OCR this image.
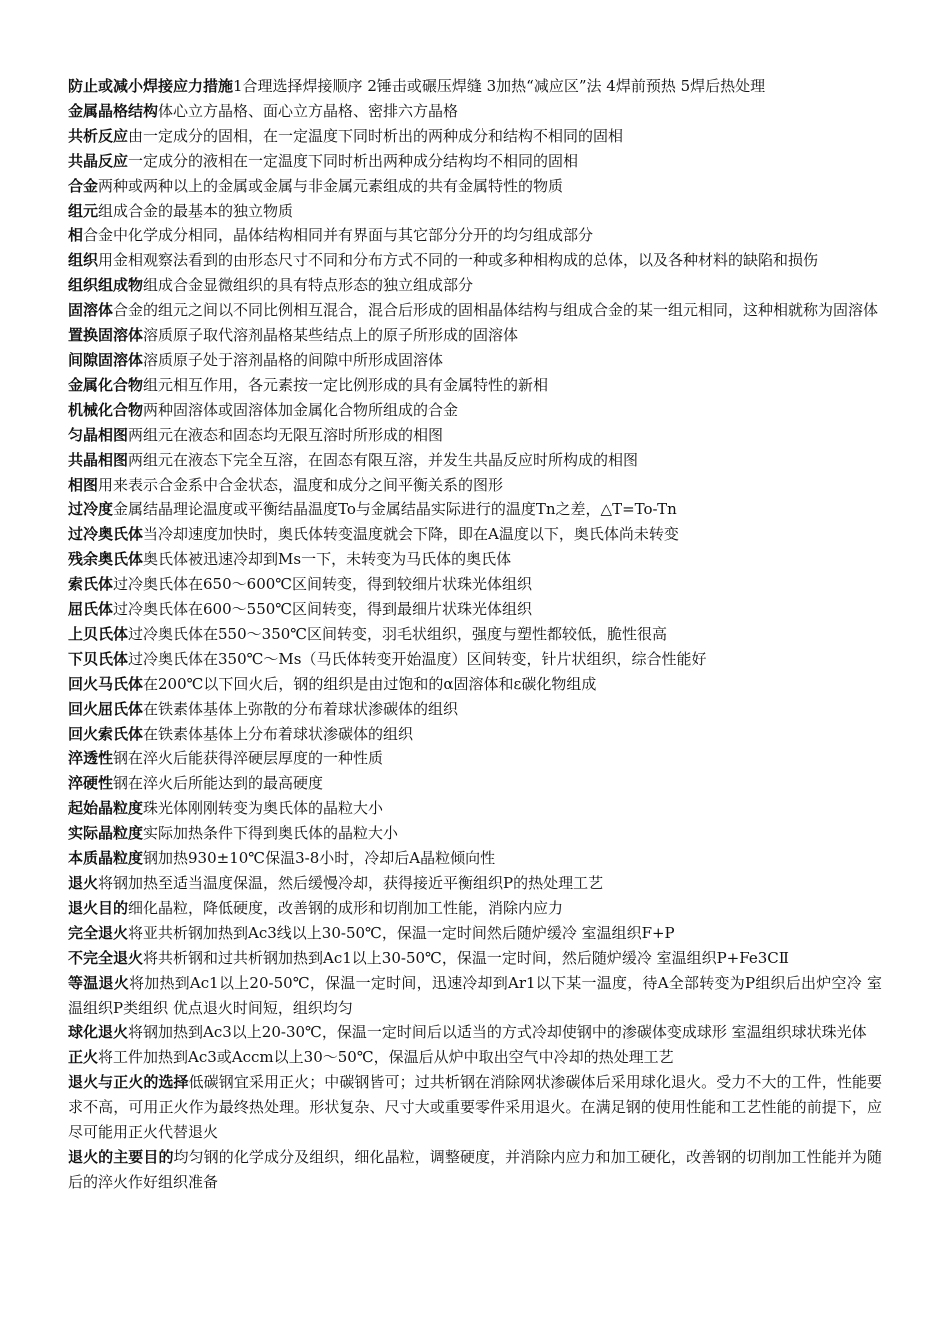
防止或减小焊接应力措施1合理选择焊接顺序 2锤击或碾压焊缝 3加热“减应区”法 4焊前预热 5焊后热处理

金属晶格结构体心立方晶格、面心立方晶格、密排六方晶格

共析反应由一定成分的固相，在一定温度下同时析出的两种成分和结构不相同的固相

共晶反应一定成分的液相在一定温度下同时析出两种成分结构均不相同的固相

合金两种或两种以上的金属或金属与非金属元素组成的共有金属特性的物质

组元组成合金的最基本的独立物质

相合金中化学成分相同，晶体结构相同并有界面与其它部分分开的均匀组成部分

组织用金相观察法看到的由形态尺寸不同和分布方式不同的一种或多种相构成的总体，以及各种材料的缺陷和损伤

组织组成物组成合金显微组织的具有特点形态的独立组成部分

固溶体合金的组元之间以不同比例相互混合，混合后形成的固相晶体结构与组成合金的某一组元相同，这种相就称为固溶体

置换固溶体溶质原子取代溶剂晶格某些结点上的原子所形成的固溶体

间隙固溶体溶质原子处于溶剂晶格的间隙中所形成固溶体

金属化合物组元相互作用，各元素按一定比例形成的具有金属特性的新相

机械化合物两种固溶体或固溶体加金属化合物所组成的合金

匀晶相图两组元在液态和固态均无限互溶时所形成的相图

共晶相图两组元在液态下完全互溶，在固态有限互溶，并发生共晶反应时所构成的相图

相图用来表示合金系中合金状态，温度和成分之间平衡关系的图形

过冷度金属结晶理论温度或平衡结晶温度To与金属结晶实际进行的温度Tn之差，△T=To-Tn

过冷奥氏体当冷却速度加快时，奥氏体转变温度就会下降，即在A温度以下，奥氏体尚未转变

残余奥氏体奥氏体被迅速冷却到Ms一下，未转变为马氏体的奥氏体

索氏体过冷奥氏体在650～600℃区间转变，得到较细片状珠光体组织

屈氏体过冷奥氏体在600～550℃区间转变，得到最细片状珠光体组织

上贝氏体过冷奥氏体在550～350℃区间转变，羽毛状组织，强度与塑性都较低，脆性很高

下贝氏体过冷奥氏体在350℃～Ms（马氏体转变开始温度）区间转变，针片状组织，综合性能好

回火马氏体在200℃以下回火后，钢的组织是由过饱和的α固溶体和ε碳化物组成

回火屈氏体在铁素体基体上弥散的分布着球状渗碳体的组织

回火索氏体在铁素体基体上分布着球状渗碳体的组织

淬透性钢在淬火后能获得淬硬层厚度的一种性质

淬硬性钢在淬火后所能达到的最高硬度

起始晶粒度珠光体刚刚转变为奥氏体的晶粒大小

实际晶粒度实际加热条件下得到奥氏体的晶粒大小

本质晶粒度钢加热930±10℃保温3-8小时，冷却后A晶粒倾向性

退火将钢加热至适当温度保温，然后缓慢冷却，获得接近平衡组织P的热处理工艺

退火目的细化晶粒，降低硬度，改善钢的成形和切削加工性能，消除内应力

完全退火将亚共析钢加热到Ac3线以上30-50℃，保温一定时间然后随炉缓冷 室温组织F+P

不完全退火将共析钢和过共析钢加热到Ac1以上30-50℃，保温一定时间，然后随炉缓冷 室温组织P+Fe3CⅡ

等温退火将加热到Ac1以上20-50℃，保温一定时间，迅速冷却到Ar1以下某一温度，待A全部转变为P组织后出炉空冷 室温组织P类组织 优点退火时间短，组织均匀

球化退火将钢加热到Ac3以上20-30℃，保温一定时间后以适当的方式冷却使钢中的渗碳体变成球形 室温组织球状珠光体

正火将工件加热到Ac3或Accm以上30～50℃，保温后从炉中取出空气中冷却的热处理工艺

退火与正火的选择低碳钢宜采用正火；中碳钢皆可；过共析钢在消除网状渗碳体后采用球化退火。受力不大的工件，性能要求不高，可用正火作为最终热处理。形状复杂、尺寸大或重要零件采用退火。在满足钢的使用性能和工艺性能的前提下，应尽可能用正火代替退火

退火的主要目的均匀钢的化学成分及组织，细化晶粒，调整硬度，并消除内应力和加工硬化，改善钢的切削加工性能并为随后的淬火作好组织准备
